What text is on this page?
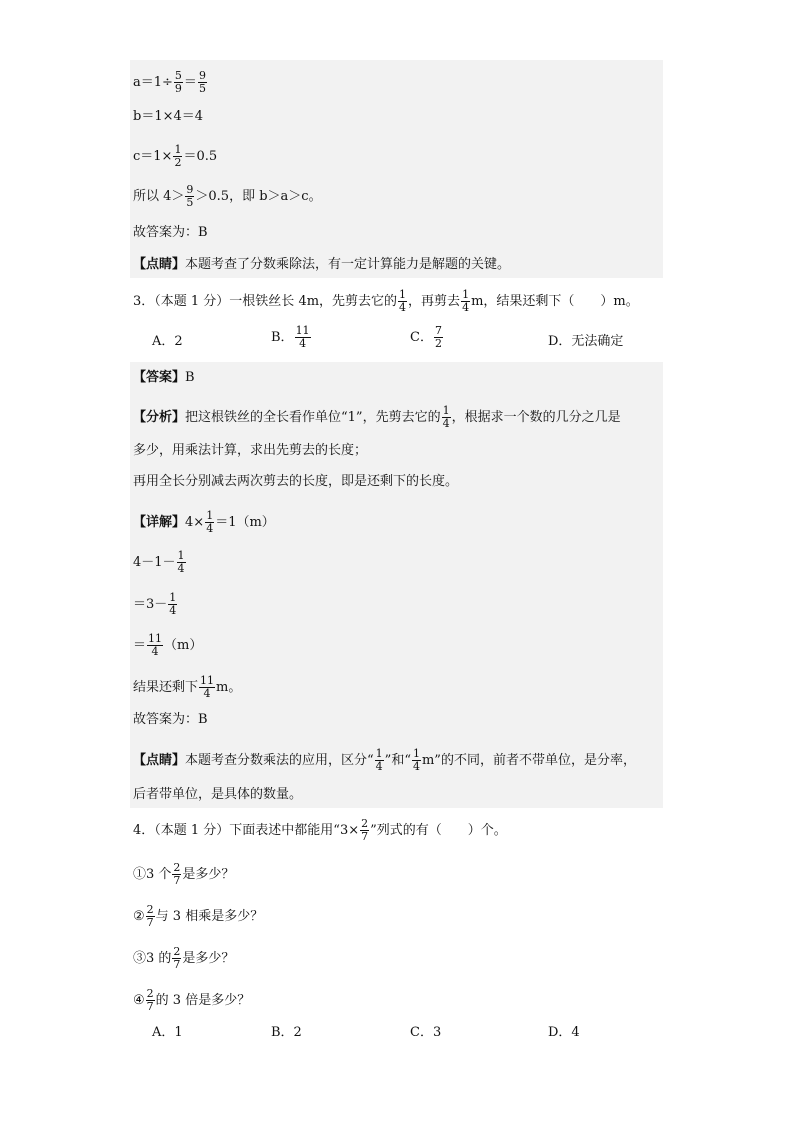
$a=1\div \frac{5}{9} = \frac{9}{5}$
b＝1×4＝4
$c=1\times \frac{1}{2} =0.5$
所以 $4> \frac{9}{5} >0.5$，即 b＞a＞c。
故答案为：B
【点睛】本题考查了分数乘除法，有一定计算能力是解题的关键。
3．（本题 1 分）一根铁丝长 4m，先剪去它的 $\frac{1}{4}$ ，再剪去 $\frac{1}{4}$ m，结果还剩下（　　）m。
A．2	B． $\frac{11}{4}$	C． $\frac{7}{2}$	D．无法确定
【答案】B
【分析】把这根铁丝的全长看作单位“1”，先剪去它的 $\frac{1}{4}$ ，根据求一个数的几分之几是
多少，用乘法计算，求出先剪去的长度；
再用全长分别减去两次剪去的长度，即是还剩下的长度。
【详解】$4\times \frac{1}{4} =1(m)$
$4-1- \frac{1}{4}$
$=3- \frac{1}{4}$
＝ $\frac{11}{4} (m)$
结果还剩下 $\frac{11}{4}$ m。
故答案为：B
【点睛】本题考查分数乘法的应用，区分“ $\frac{1}{4}$ ”和“ $\frac{1}{4} m$”的不同，前者不带单位，是分率，
后者带单位，是具体的数量。
4．（本题 1 分）下面表述中都能用“$3\times \frac{2}{7}$ ”列式的有（　　）个。
①3 个 $\frac{2}{7}$ 是多少？
② $\frac{2}{7}$ 与 3 相乘是多少？
③3 的 $\frac{2}{7}$ 是多少？
④ $\frac{2}{7}$ 的 3 倍是多少？
A．1	B．2	C．3	D．4
